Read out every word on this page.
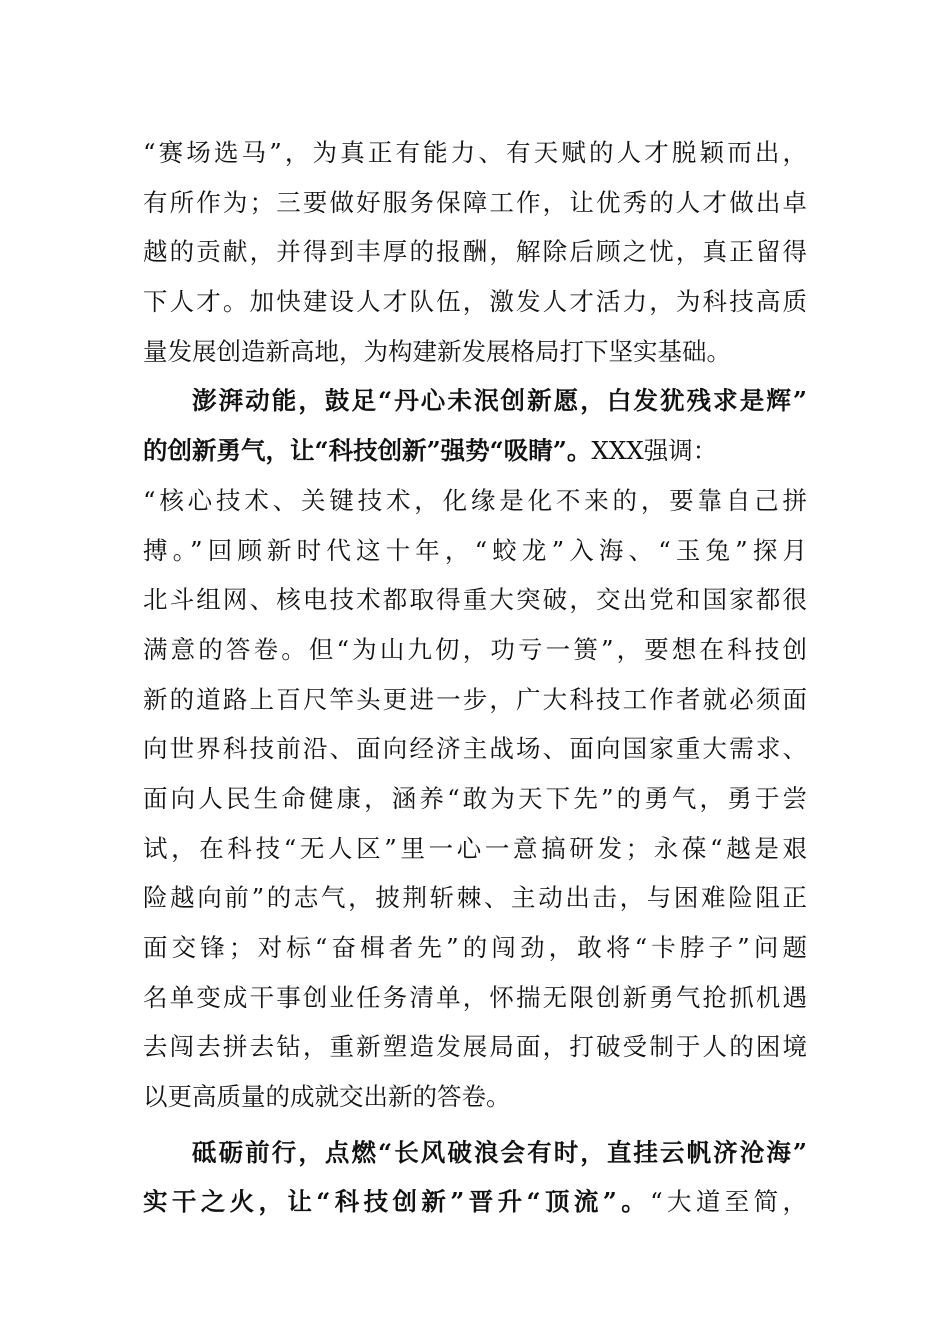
“赛场选马”，为真正有能力、有天赋的人才脱颖而出，
有所作为；三要做好服务保障工作，让优秀的人才做出卓
越的贡献，并得到丰厚的报酬，解除后顾之忧，真正留得
下人才。加快建设人才队伍，激发人才活力，为科技高质
量发展创造新高地，为构建新发展格局打下坚实基础。
澎湃动能，鼓足“丹心未泯创新愿，白发犹残求是辉”
的创新勇气，让“科技创新”强势“吸睛”。XXX强调：
“核心技术、关键技术，化缘是化不来的，要靠自己拼
搏。”回顾新时代这十年，“蛟龙”入海、“玉兔”探月
北斗组网、核电技术都取得重大突破，交出党和国家都很
满意的答卷。但“为山九仞，功亏一篑”，要想在科技创
新的道路上百尺竿头更进一步，广大科技工作者就必须面
向世界科技前沿、面向经济主战场、面向国家重大需求、
面向人民生命健康，涵养“敢为天下先”的勇气，勇于尝
试，在科技“无人区”里一心一意搞研发；永葆“越是艰
险越向前”的志气，披荆斩棘、主动出击，与困难险阻正
面交锋；对标“奋楫者先”的闯劲，敢将“卡脖子”问题
名单变成干事创业任务清单，怀揣无限创新勇气抢抓机遇
去闯去拼去钻，重新塑造发展局面，打破受制于人的困境
以更高质量的成就交出新的答卷。
砥砺前行，点燃“长风破浪会有时，直挂云帆济沧海”
实干之火，让“科技创新”晋升“顶流”。“大道至简，
